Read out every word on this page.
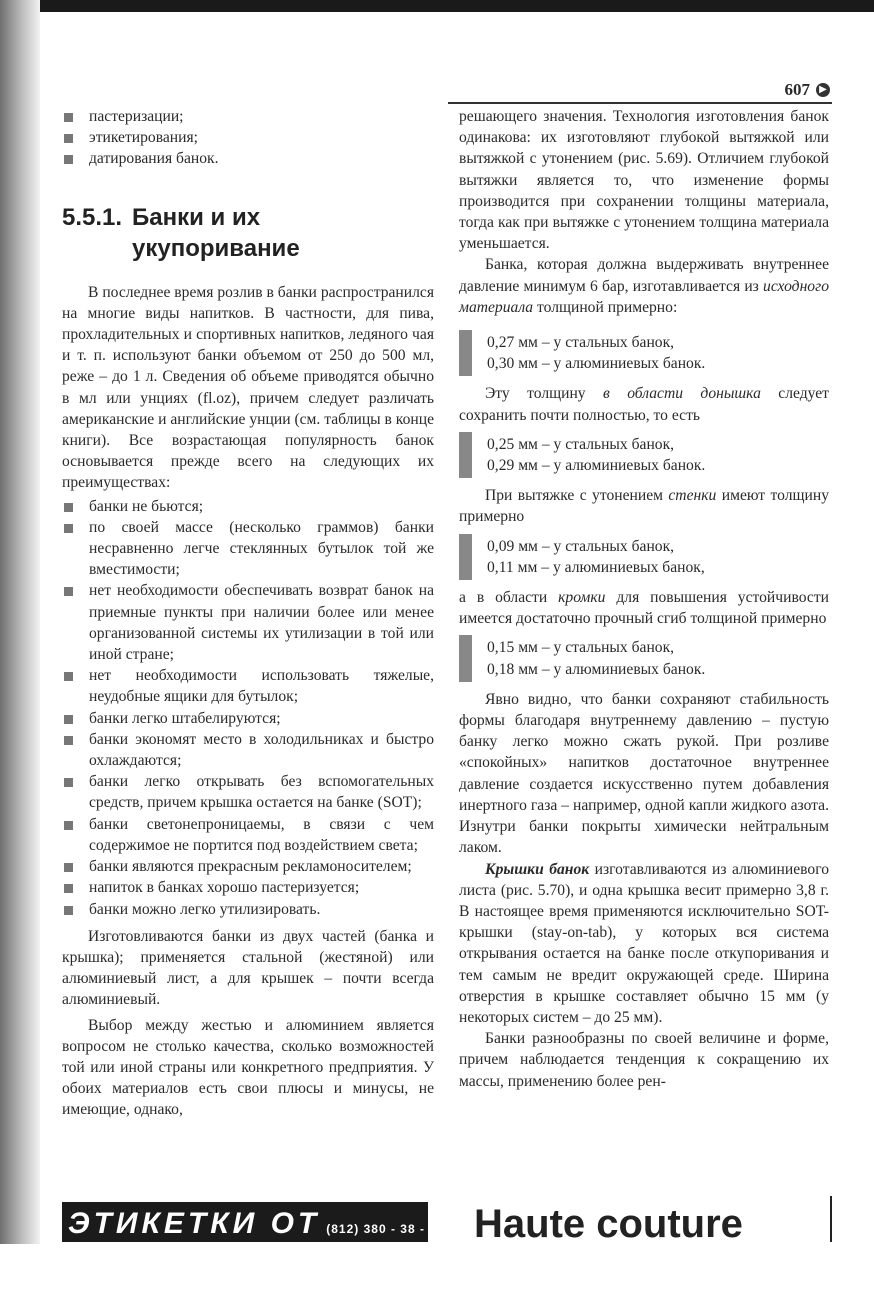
607 ▶
пастеризации;
этикетирования;
датирования банок.
5.5.1. Банки и их
укупоривание

В последнее время розлив в банки распространился на многие виды напитков. В частности, для пива, прохладительных и спортивных напитков, ледяного чая и т. п. используют банки объемом от 250 до 500 мл, реже – до 1 л. Сведения об объеме приводятся обычно в мл или унциях (fl.oz), причем следует различать американские и английские унции (см. таблицы в конце книги). Все возрастающая популярность банок основывается прежде всего на следующих их преимуществах:

банки не бьются;
по своей массе (несколько граммов) банки несравненно легче стеклянных бутылок той же вместимости;
нет необходимости обеспечивать возврат банок на приемные пункты при наличии более или менее организованной системы их утилизации в той или иной стране;
нет необходимости использовать тяжелые, неудобные ящики для бутылок;
банки легко штабелируются;
банки экономят место в холодильниках и быстро охлаждаются;
банки легко открывать без вспомогательных средств, причем крышка остается на банке (SOT);
банки светонепроницаемы, в связи с чем содержимое не портится под воздействием света;
банки являются прекрасным рекламоносителем;
напиток в банках хорошо пастеризуется;
банки можно легко утилизировать.

Изготовливаются банки из двух частей (банка и крышка); применяется стальной (жестяной) или алюминиевый лист, а для крышек – почти всегда алюминиевый.

Выбор между жестью и алюминием является вопросом не столько качества, сколько возможностей той или иной страны или конкретного предприятия. У обоих материалов есть свои плюсы и минусы, не имеющие, однако,

решающего значения. Технология изготовления банок одинакова: их изготовляют глубокой вытяжкой или вытяжкой с утонением (рис. 5.69). Отличием глубокой вытяжки является то, что изменение формы производится при сохранении толщины материала, тогда как при вытяжке с утонением толщина материала уменьшается.

Банка, которая должна выдерживать внутреннее давление минимум 6 бар, изготавливается из исходного материала толщиной примерно:

0,27 мм – у стальных банок,
0,30 мм – у алюминиевых банок.

Эту толщину в области донышка следует сохранить почти полностью, то есть

0,25 мм – у стальных банок,
0,29 мм – у алюминиевых банок.

При вытяжке с утонением стенки имеют толщину примерно

0,09 мм – у стальных банок,
0,11 мм – у алюминиевых банок,

а в области кромки для повышения устойчивости имеется достаточно прочный сгиб толщиной примерно

0,15 мм – у стальных банок,
0,18 мм – у алюминиевых банок.

Явно видно, что банки сохраняют стабильность формы благодаря внутреннему давлению – пустую банку легко можно сжать рукой. При розливе «спокойных» напитков достаточное внутреннее давление создается искусственно путем добавления инертного газа – например, одной капли жидкого азота. Изнутри банки покрыты химически нейтральным лаком.

Крышки банок изготавливаются из алюминиевого листа (рис. 5.70), и одна крышка весит примерно 3,8 г. В настоящее время применяются исключительно SOT-крышки (stay-on-tab), у которых вся система открывания остается на банке после откупоривания и тем самым не вредит окружающей среде. Ширина отверстия в крышке составляет обычно 15 мм (у некоторых систем – до 25 мм).

Банки разнообразны по своей величине и форме, причем наблюдается тенденция к сокращению их массы, применению более рен-

ЭТИКЕТКИ ОТ (812) 380 - 38 - 31
Haute couture
